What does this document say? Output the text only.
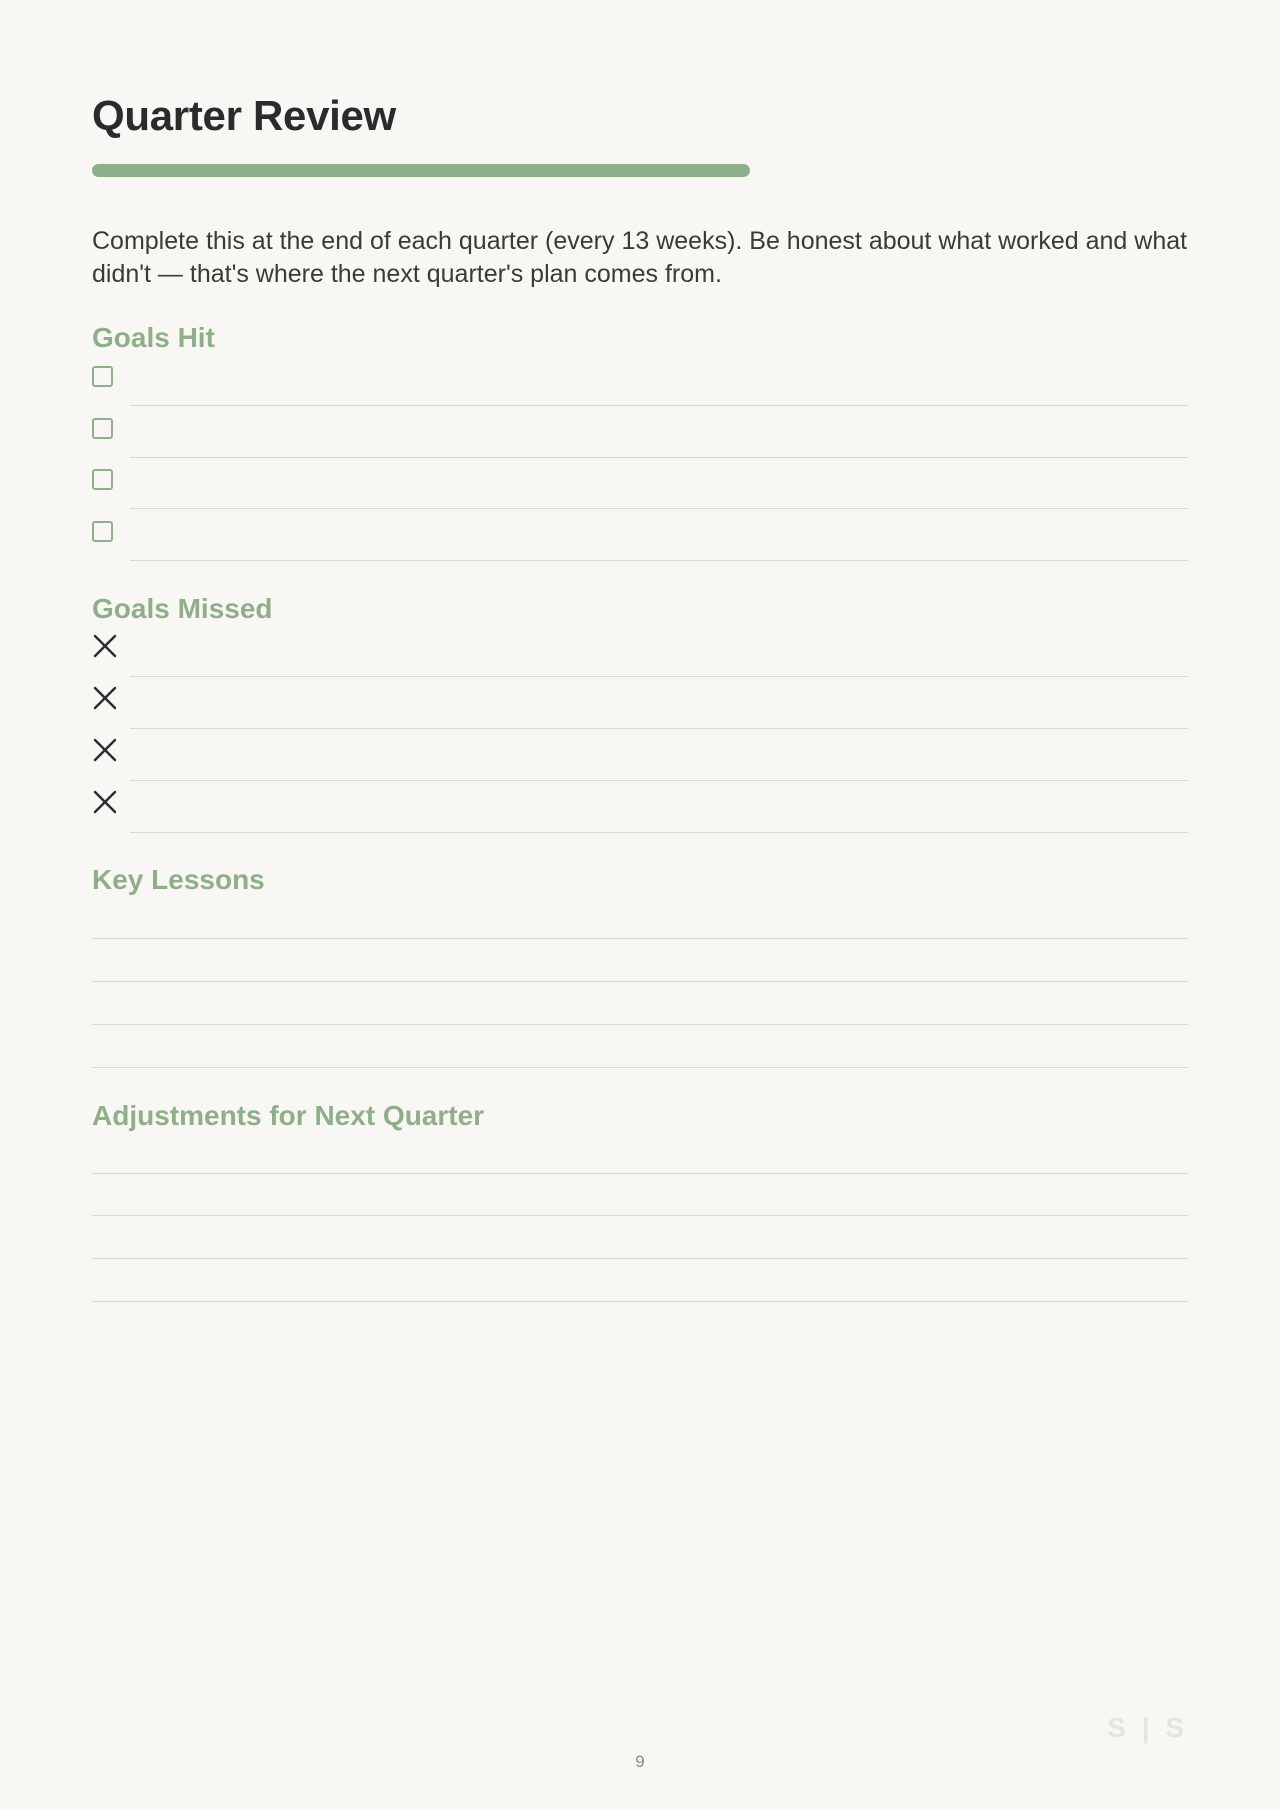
Quarter Review

Complete this at the end of each quarter (every 13 weeks). Be honest about what worked and what didn't — that's where the next quarter's plan comes from.

Goals Hit
Goals Missed
Key Lessons
Adjustments for Next Quarter
S | S
9
